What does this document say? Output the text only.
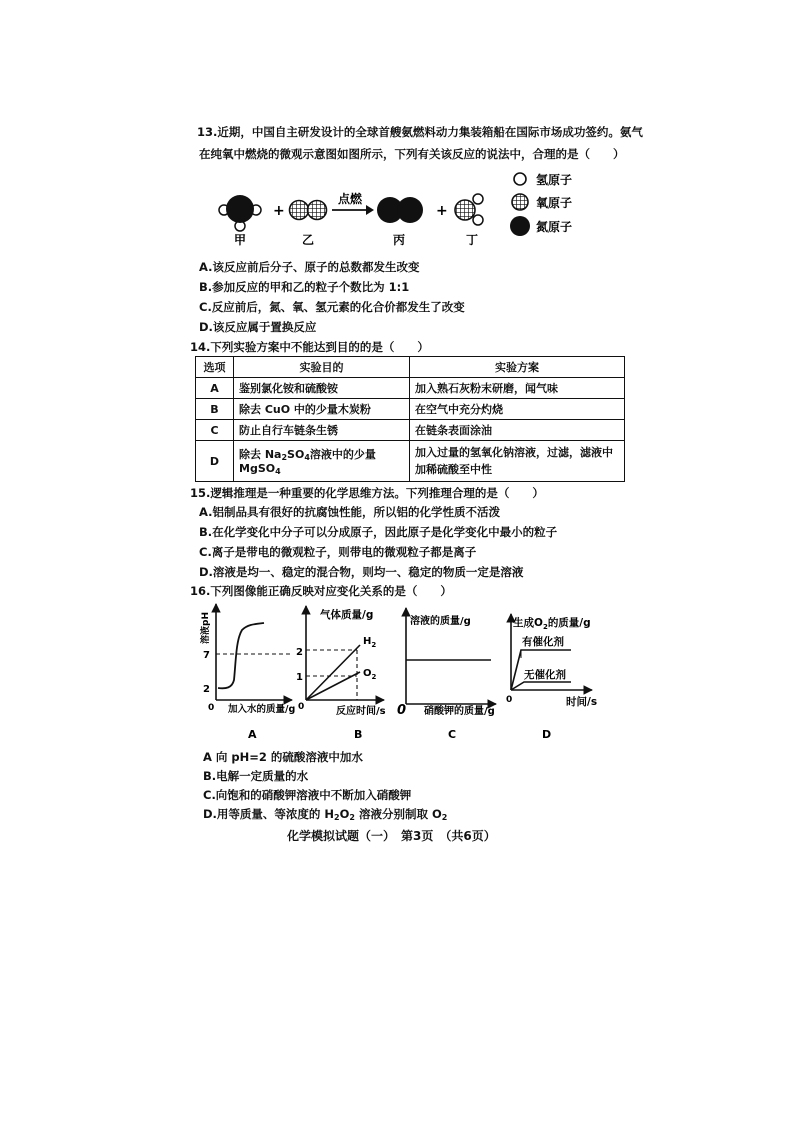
13.近期，中国自主研发设计的全球首艘氨燃料动力集装箱船在国际市场成功签约。氨气
在纯氧中燃烧的微观示意图如图所示，下列有关该反应的说法中，合理的是（　　）
+
点燃
+
甲	乙	丙	丁
氢原子
氧原子
氮原子
A.该反应前后分子、原子的总数都发生改变
B.参加反应的甲和乙的粒子个数比为 1:1
C.反应前后，氮、氧、氢元素的化合价都发生了改变
D.该反应属于置换反应
14.下列实验方案中不能达到目的的是（　　）
选项	实验目的	实验方案
A	鉴别氯化铵和硫酸铵	加入熟石灰粉末研磨，闻气味
B	除去 CuO 中的少量木炭粉	在空气中充分灼烧
C	防止自行车链条生锈	在链条表面涂油
D	除去 $Na_2SO_4$溶液中的少量 MgSO$_4$	加入过量的氢氧化钠溶液，过滤，滤液中加稀硫酸至中性
15.逻辑推理是一种重要的化学思维方法。下列推理合理的是（　　）
A.铝制品具有很好的抗腐蚀性能，所以铝的化学性质不活泼
B.在化学变化中分子可以分成原子，因此原子是化学变化中最小的粒子
C.离子是带电的微观粒子，则带电的微观粒子都是离子
D.溶液是均一、稳定的混合物，则均一、稳定的物质一定是溶液
16.下列图像能正确反映对应变化关系的是（　　）
溶液pH
7
2
0 加入水的质量/g
A
气体质量/g
2
1
0
$H_2$
$O_2$
反应时间/s
B
溶液的质量/g
0 硝酸钾的质量/g
C
生成$O_2$的质量/g
有催化剂
无催化剂
0	时间/s
D
A 向 pH=2 的硫酸溶液中加水
B.电解一定质量的水
C.向饱和的硝酸钾溶液中不断加入硝酸钾
D.用等质量、等浓度的 $H_2O_2$ 溶液分别制取 $O_2$
化学模拟试题（一）　第3页　（共6页）
